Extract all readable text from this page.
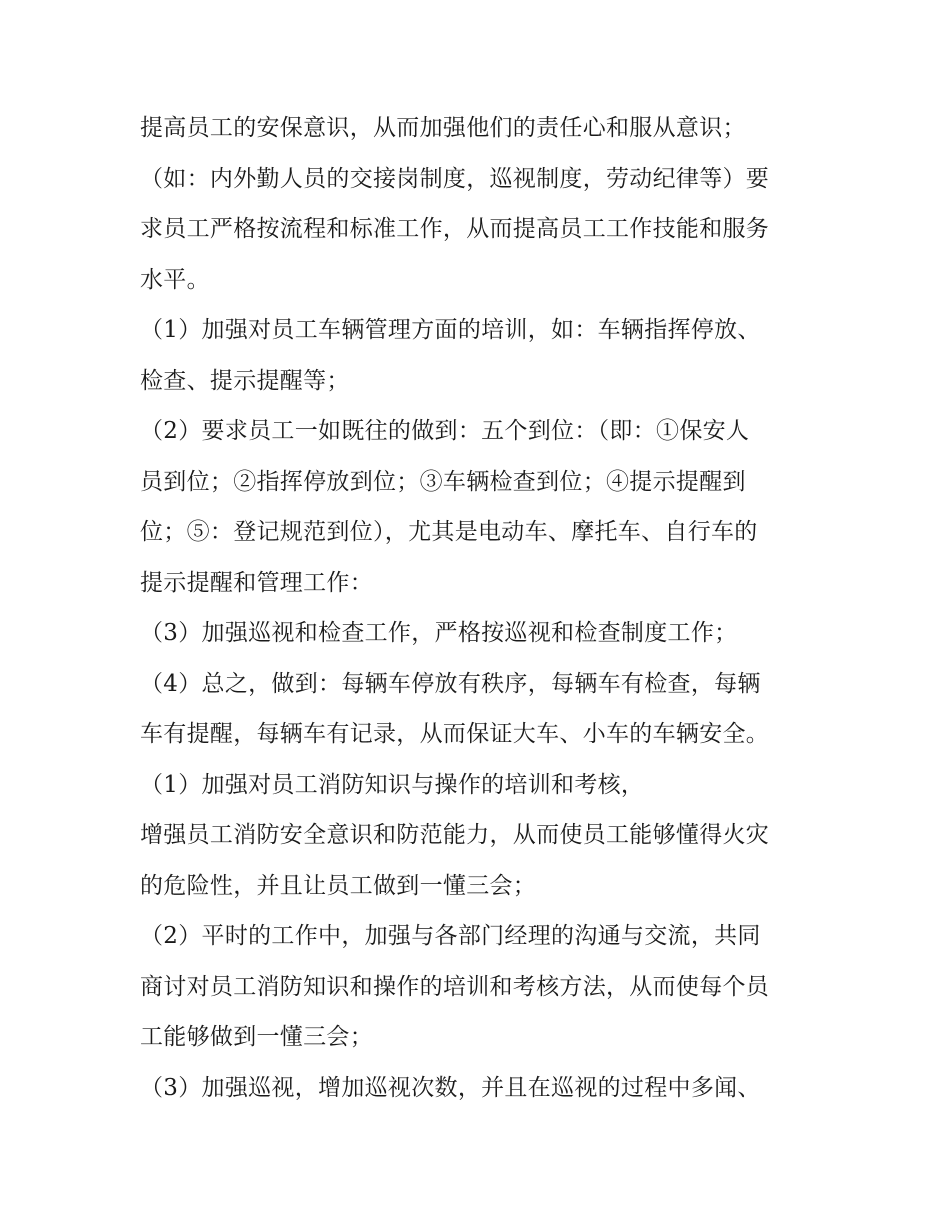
提高员工的安保意识，从而加强他们的责任心和服从意识；
（如：内外勤人员的交接岗制度，巡视制度，劳动纪律等）要
求员工严格按流程和标准工作，从而提高员工工作技能和服务
水平。
（1）加强对员工车辆管理方面的培训，如：车辆指挥停放、
检查、提示提醒等；
（2）要求员工一如既往的做到：五个到位：（即：①保安人
员到位；②指挥停放到位；③车辆检查到位；④提示提醒到
位；⑤：登记规范到位），尤其是电动车、摩托车、自行车的
提示提醒和管理工作：
（3）加强巡视和检查工作，严格按巡视和检查制度工作；
（4）总之，做到：每辆车停放有秩序，每辆车有检查，每辆
车有提醒，每辆车有记录，从而保证大车、小车的车辆安全。
（1）加强对员工消防知识与操作的培训和考核，
增强员工消防安全意识和防范能力，从而使员工能够懂得火灾
的危险性，并且让员工做到一懂三会；
（2）平时的工作中，加强与各部门经理的沟通与交流，共同
商讨对员工消防知识和操作的培训和考核方法，从而使每个员
工能够做到一懂三会；
（3）加强巡视，增加巡视次数，并且在巡视的过程中多闻、
